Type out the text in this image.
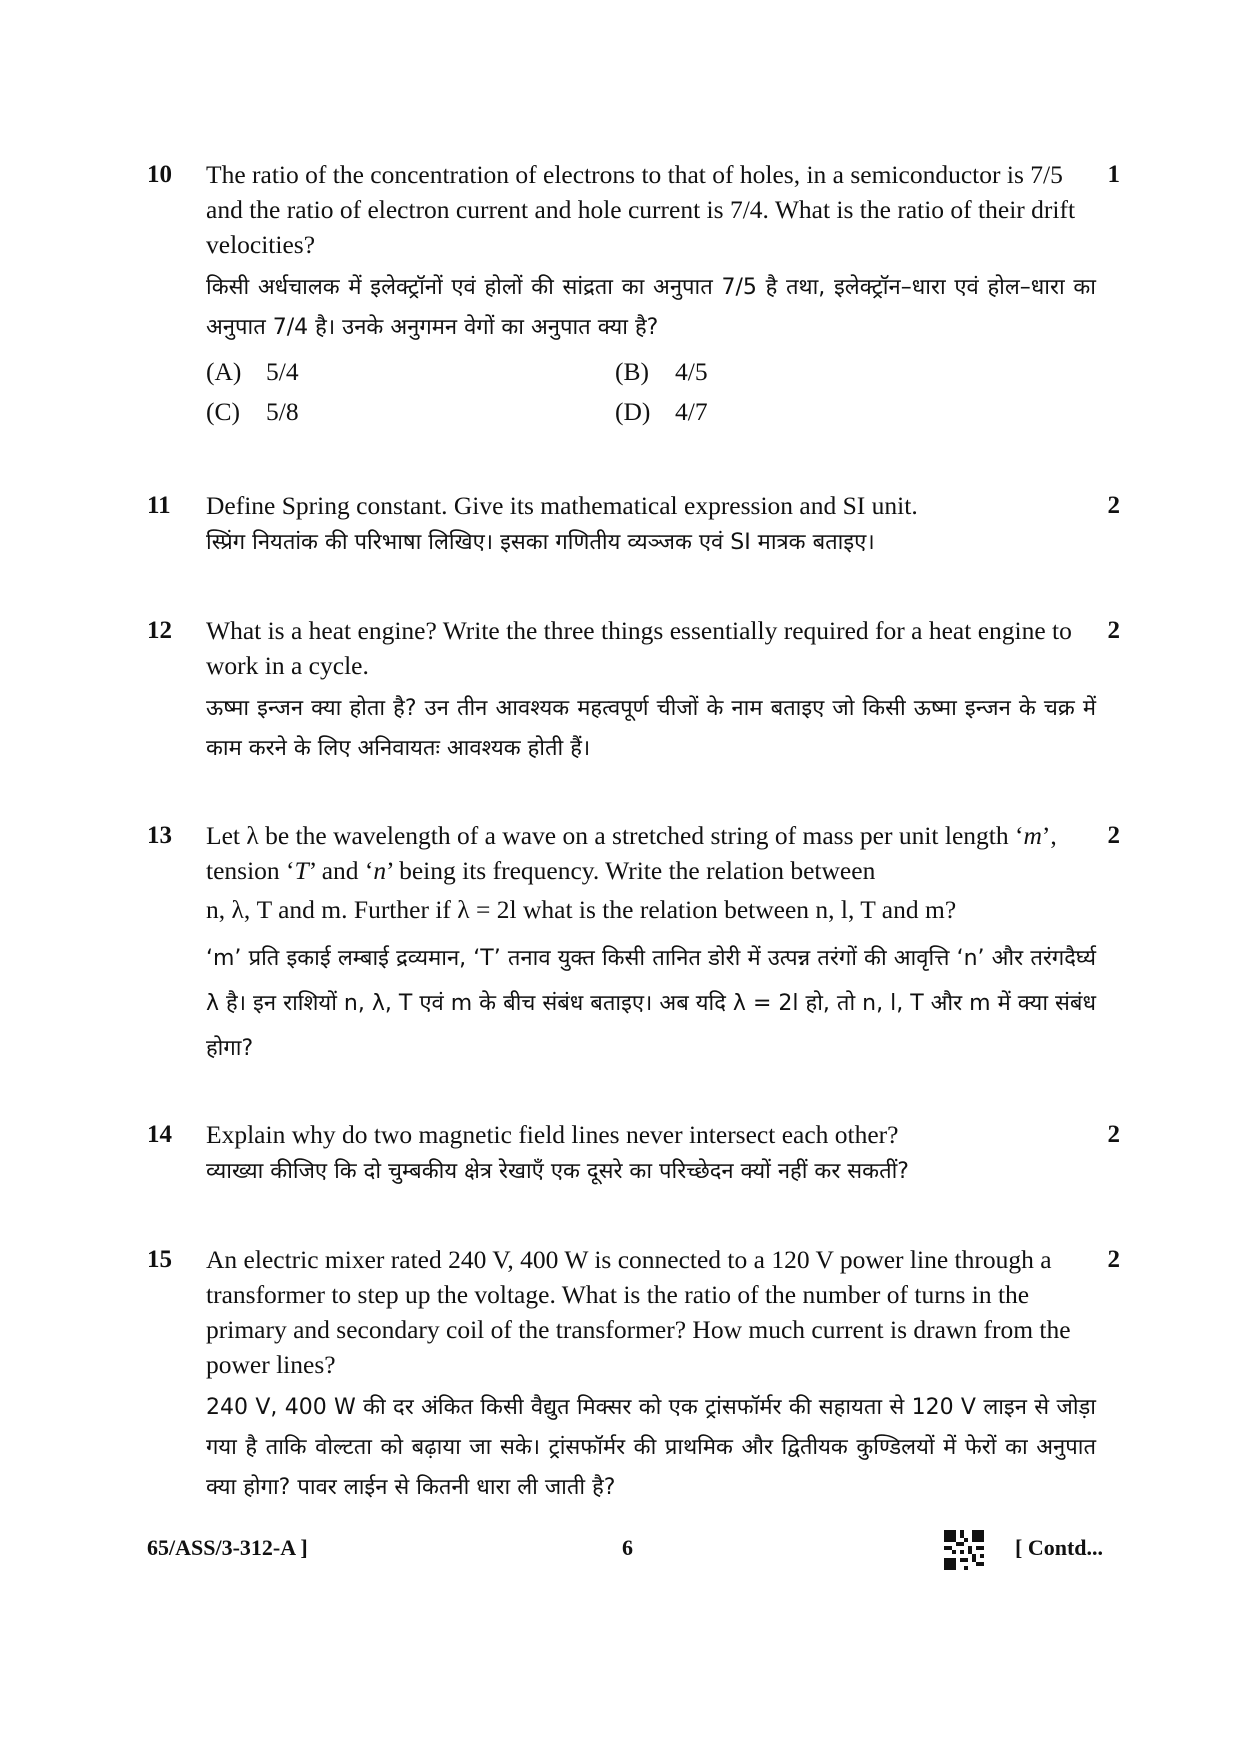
10	1

The ratio of the concentration of electrons to that of holes, in a semiconductor is 7/5 and the ratio of electron current and hole current is 7/4. What is the ratio of their drift velocities?

किसी अर्धचालक में इलेक्ट्रॉनों एवं होलों की सांद्रता का अनुपात 7/5 है तथा, इलेक्ट्रॉन–धारा एवं होल–धारा का अनुपात 7/4 है। उनके अनुगमन वेगों का अनुपात क्या है?

(A) 5/4	(B) 4/5
(C) 5/8	(D) 4/7
11	2

Define Spring constant. Give its mathematical expression and SI unit.

स्प्रिंग नियतांक की परिभाषा लिखिए। इसका गणितीय व्यञ्जक एवं SI मात्रक बताइए।

12	2

What is a heat engine? Write the three things essentially required for a heat engine to work in a cycle.

ऊष्मा इन्जन क्या होता है? उन तीन आवश्यक महत्वपूर्ण चीजों के नाम बताइए जो किसी ऊष्मा इन्जन के चक्र में काम करने के लिए अनिवायतः आवश्यक होती हैं।

13	2

Let λ be the wavelength of a wave on a stretched string of mass per unit length ‘m’, tension ‘T’ and ‘n’ being its frequency. Write the relation between

n, λ, T and m. Further if λ = 2l what is the relation between n, l, T and m?

‘m’ प्रति इकाई लम्बाई द्रव्यमान, ‘T’ तनाव युक्त किसी तानित डोरी में उत्पन्न तरंगों की आवृत्ति ‘n’ और तरंगदैर्घ्य λ है। इन राशियों n, λ, T एवं m के बीच संबंध बताइए। अब यदि λ = 2l हो, तो n, l, T और m में क्या संबंध होगा?

14	2

Explain why do two magnetic field lines never intersect each other?

व्याख्या कीजिए कि दो चुम्बकीय क्षेत्र रेखाएँ एक दूसरे का परिच्छेदन क्यों नहीं कर सकतीं?

15	2

An electric mixer rated 240 V, 400 W is connected to a 120 V power line through a transformer to step up the voltage. What is the ratio of the number of turns in the primary and secondary coil of the transformer? How much current is drawn from the power lines?

240 V, 400 W की दर अंकित किसी वैद्युत मिक्सर को एक ट्रांसफॉर्मर की सहायता से 120 V लाइन से जोड़ा गया है ताकि वोल्टता को बढ़ाया जा सके। ट्रांसफॉर्मर की प्राथमिक और द्वितीयक कुण्डिलयों में फेरों का अनुपात क्या होगा? पावर लाईन से कितनी धारा ली जाती है?

65/ASS/3-312-A ]	6	[ Contd...
